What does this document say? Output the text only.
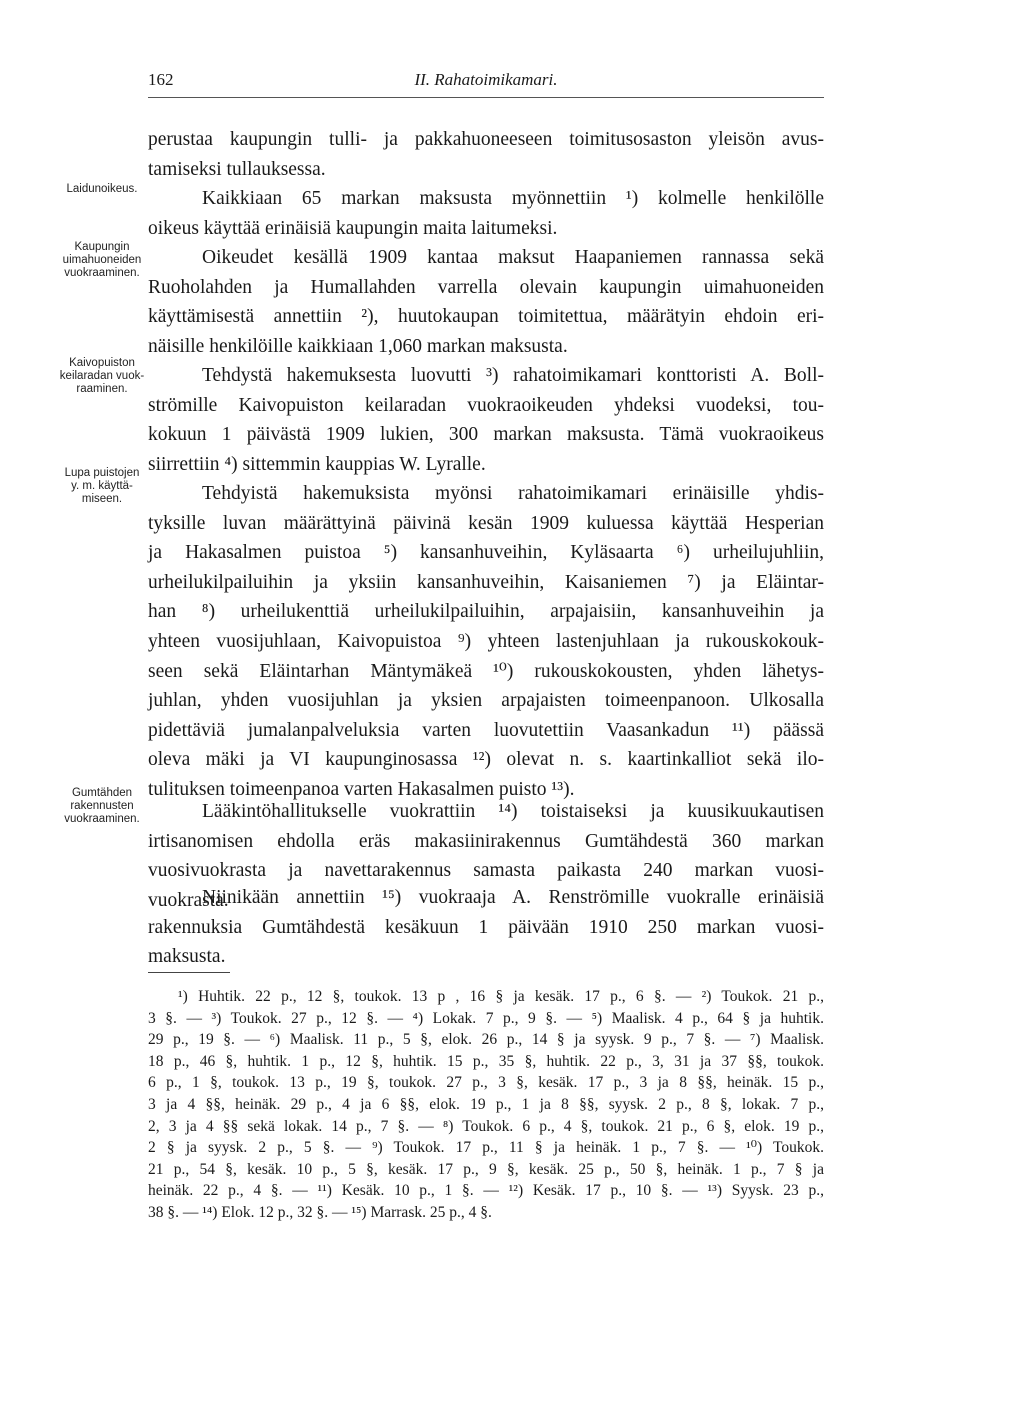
162	II. Rahatoimikamari.
Laidunoikeus.
Kaupungin
uimahuoneiden
vuokraaminen.
Kaivopuiston
keilaradan vuok-
raaminen.
Lupa puistojen
y. m. käyttä-
miseen.
Gumtähden
rakennusten
vuokraaminen.
perustaa kaupungin tulli- ja pakkahuoneeseen toimitusosaston yleisön avus-
tamiseksi tullauksessa.
Kaikkiaan 65 markan maksusta myönnettiin ¹) kolmelle henkilölle
oikeus käyttää erinäisiä kaupungin maita laitumeksi.
Oikeudet kesällä 1909 kantaa maksut Haapaniemen rannassa sekä
Ruoholahden ja Humallahden varrella olevain kaupungin uimahuoneiden
käyttämisestä annettiin ²), huutokaupan toimitettua, määrätyin ehdoin eri-
näisille henkilöille kaikkiaan 1,060 markan maksusta.
Tehdystä hakemuksesta luovutti ³) rahatoimikamari konttoristi A. Boll-
strömille Kaivopuiston keilaradan vuokraoikeuden yhdeksi vuodeksi, tou-
kokuun 1 päivästä 1909 lukien, 300 markan maksusta. Tämä vuokraoikeus
siirrettiin ⁴) sittemmin kauppias W. Lyralle.
Tehdyistä hakemuksista myönsi rahatoimikamari erinäisille yhdis-
tyksille luvan määrättyinä päivinä kesän 1909 kuluessa käyttää Hesperian
ja Hakasalmen puistoa ⁵) kansanhuveihin, Kyläsaarta ⁶) urheilujuhliin,
urheilukilpailuihin ja yksiin kansanhuveihin, Kaisaniemen ⁷) ja Eläintar-
han ⁸) urheilukenttiä urheilukilpailuihin, arpajaisiin, kansanhuveihin ja
yhteen vuosijuhlaan, Kaivopuistoa ⁹) yhteen lastenjuhlaan ja rukouskokouk-
seen sekä Eläintarhan Mäntymäkeä ¹⁰) rukouskokousten, yhden lähetys-
juhlan, yhden vuosijuhlan ja yksien arpajaisten toimeenpanoon. Ulkosalla
pidettäviä jumalanpalveluksia varten luovutettiin Vaasankadun ¹¹) päässä
oleva mäki ja VI kaupunginosassa ¹²) olevat n. s. kaartinkalliot sekä ilo-
tulituksen toimeenpanoa varten Hakasalmen puisto ¹³).
Lääkintöhallitukselle vuokrattiin ¹⁴) toistaiseksi ja kuusikuukautisen
irtisanomisen ehdolla eräs makasiinirakennus Gumtähdestä 360 markan
vuosivuokrasta ja navettarakennus samasta paikasta 240 markan vuosi-
vuokrasta.
Niinikään annettiin ¹⁵) vuokraaja A. Renströmille vuokralle erinäisiä
rakennuksia Gumtähdestä kesäkuun 1 päivään 1910 250 markan vuosi-
maksusta.
¹) Huhtik. 22 p., 12 §, toukok. 13 p , 16 § ja kesäk. 17 p., 6 §. — ²) Toukok. 21 p.,
3 §. — ³) Toukok. 27 p., 12 §. — ⁴) Lokak. 7 p., 9 §. — ⁵) Maalisk. 4 p., 64 § ja huhtik.
29 p., 19 §. — ⁶) Maalisk. 11 p., 5 §, elok. 26 p., 14 § ja syysk. 9 p., 7 §. — ⁷) Maalisk.
18 p., 46 §, huhtik. 1 p., 12 §, huhtik. 15 p., 35 §, huhtik. 22 p., 3, 31 ja 37 §§, toukok.
6 p., 1 §, toukok. 13 p., 19 §, toukok. 27 p., 3 §, kesäk. 17 p., 3 ja 8 §§, heinäk. 15 p.,
3 ja 4 §§, heinäk. 29 p., 4 ja 6 §§, elok. 19 p., 1 ja 8 §§, syysk. 2 p., 8 §, lokak. 7 p.,
2, 3 ja 4 §§ sekä lokak. 14 p., 7 §. — ⁸) Toukok. 6 p., 4 §, toukok. 21 p., 6 §, elok. 19 p.,
2 § ja syysk. 2 p., 5 §. — ⁹) Toukok. 17 p., 11 § ja heinäk. 1 p., 7 §. — ¹⁰) Toukok.
21 p., 54 §, kesäk. 10 p., 5 §, kesäk. 17 p., 9 §, kesäk. 25 p., 50 §, heinäk. 1 p., 7 § ja
heinäk. 22 p., 4 §. — ¹¹) Kesäk. 10 p., 1 §. — ¹²) Kesäk. 17 p., 10 §. — ¹³) Syysk. 23 p.,
38 §. — ¹⁴) Elok. 12 p., 32 §. — ¹⁵) Marrask. 25 p., 4 §.
